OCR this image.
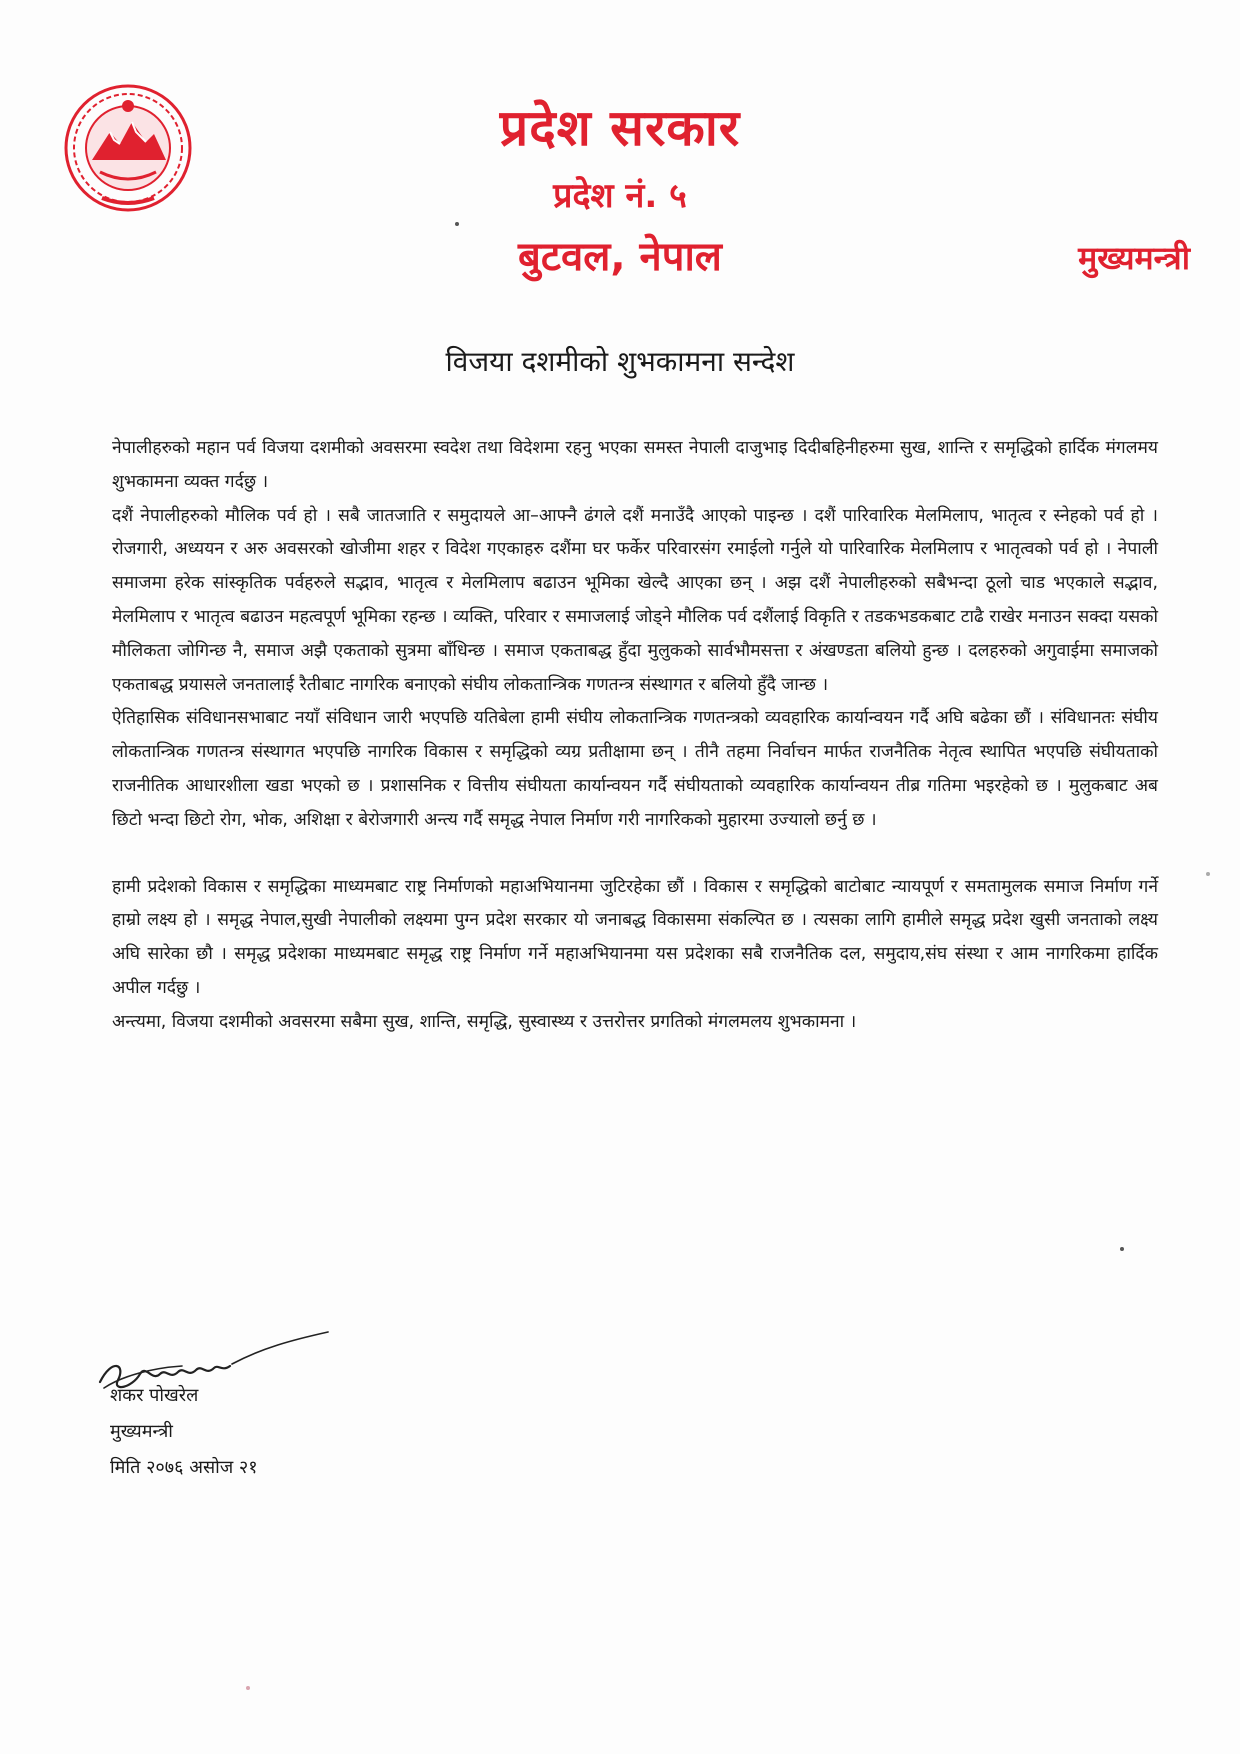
प्रदेश सरकार
प्रदेश नं. ५
बुटवल, नेपाल	मुख्यमन्त्री
विजया दशमीको शुभकामना सन्देश

नेपालीहरुको महान पर्व विजया दशमीको अवसरमा स्वदेश तथा विदेशमा रहनु भएका समस्त नेपाली दाजुभाइ दिदीबहिनीहरुमा सुख, शान्ति र समृद्धिको हार्दिक मंगलमय शुभकामना व्यक्त गर्दछु ।

दशैं नेपालीहरुको मौलिक पर्व हो । सबै जातजाति र समुदायले आ–आफ्नै ढंगले दशैं मनाउँदै आएको पाइन्छ । दशैं पारिवारिक मेलमिलाप, भातृत्व र स्नेहको पर्व हो । रोजगारी, अध्ययन र अरु अवसरको खोजीमा शहर र विदेश गएकाहरु दशैंमा घर फर्केर परिवारसंग रमाईलो गर्नुले यो पारिवारिक मेलमिलाप र भातृत्वको पर्व हो । नेपाली समाजमा हरेक सांस्कृतिक पर्वहरुले सद्भाव, भातृत्व र मेलमिलाप बढाउन भूमिका खेल्दै आएका छन् । अझ दशैं नेपालीहरुको सबैभन्दा ठूलो चाड भएकाले सद्भाव, मेलमिलाप र भातृत्व बढाउन महत्वपूर्ण भूमिका रहन्छ । व्यक्ति, परिवार र समाजलाई जोड्ने मौलिक पर्व दशैंलाई विकृति र तडकभडकबाट टाढै राखेर मनाउन सक्दा यसको मौलिकता जोगिन्छ नै, समाज अझै एकताको सुत्रमा बाँधिन्छ । समाज एकताबद्ध हुँदा मुलुकको सार्वभौमसत्ता र अंखण्डता बलियो हुन्छ । दलहरुको अगुवाईमा समाजको एकताबद्ध प्रयासले जनतालाई रैतीबाट नागरिक बनाएको संघीय लोकतान्त्रिक गणतन्त्र संस्थागत र बलियो हुँदै जान्छ ।

ऐतिहासिक संविधानसभाबाट नयाँ संविधान जारी भएपछि यतिबेला हामी संघीय लोकतान्त्रिक गणतन्त्रको व्यवहारिक कार्यान्वयन गर्दै अघि बढेका छौं । संविधानतः संघीय लोकतान्त्रिक गणतन्त्र संस्थागत भएपछि नागरिक विकास र समृद्धिको व्यग्र प्रतीक्षामा छन् । तीनै तहमा निर्वाचन मार्फत राजनैतिक नेतृत्व स्थापित भएपछि संघीयताको राजनीतिक आधारशीला खडा भएको छ । प्रशासनिक र वित्तीय संघीयता कार्यान्वयन गर्दै संघीयताको व्यवहारिक कार्यान्वयन तीब्र गतिमा भइरहेको छ । मुलुकबाट अब छिटो भन्दा छिटो रोग, भोक, अशिक्षा र बेरोजगारी अन्त्य गर्दै समृद्ध नेपाल निर्माण गरी नागरिकको मुहारमा उज्यालो छर्नु छ ।

हामी प्रदेशको विकास र समृद्धिका माध्यमबाट राष्ट्र निर्माणको महाअभियानमा जुटिरहेका छौं । विकास र समृद्धिको बाटोबाट न्यायपूर्ण र समतामुलक समाज निर्माण गर्ने हाम्रो लक्ष्य हो । समृद्ध नेपाल,सुखी नेपालीको लक्ष्यमा पुग्न प्रदेश सरकार यो जनाबद्ध विकासमा संकल्पित छ । त्यसका लागि हामीले समृद्ध प्रदेश खुसी जनताको लक्ष्य अघि सारेका छौ । समृद्ध प्रदेशका माध्यमबाट समृद्ध राष्ट्र निर्माण गर्ने महाअभियानमा यस प्रदेशका सबै राजनैतिक दल, समुदाय,संघ संस्था र आम नागरिकमा हार्दिक अपील गर्दछु ।

अन्त्यमा, विजया दशमीको अवसरमा सबैमा सुख, शान्ति, समृद्धि, सुस्वास्थ्य र उत्तरोत्तर प्रगतिको मंगलमलय शुभकामना ।

शंकर पोखरेल
मुख्यमन्त्री
मिति २०७६ असोज २१
